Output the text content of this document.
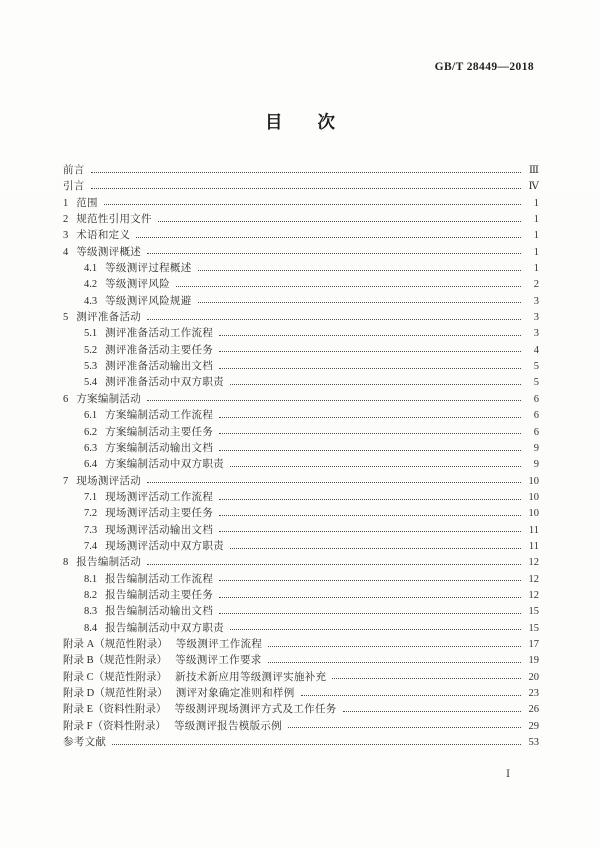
GB/T 28449—2018
目　　次
前言	Ⅲ
引言	Ⅳ
1 范围	1
2 规范性引用文件	1
3 术语和定义	1
4 等级测评概述	1
4.1 等级测评过程概述	1
4.2 等级测评风险	2
4.3 等级测评风险规避	3
5 测评准备活动	3
5.1 测评准备活动工作流程	3
5.2 测评准备活动主要任务	4
5.3 测评准备活动输出文档	5
5.4 测评准备活动中双方职责	5
6 方案编制活动	6
6.1 方案编制活动工作流程	6
6.2 方案编制活动主要任务	6
6.3 方案编制活动输出文档	9
6.4 方案编制活动中双方职责	9
7 现场测评活动	10
7.1 现场测评活动工作流程	10
7.2 现场测评活动主要任务	10
7.3 现场测评活动输出文档	11
7.4 现场测评活动中双方职责	11
8 报告编制活动	12
8.1 报告编制活动工作流程	12
8.2 报告编制活动主要任务	12
8.3 报告编制活动输出文档	15
8.4 报告编制活动中双方职责	15
附录 A（规范性附录） 等级测评工作流程	17
附录 B（规范性附录） 等级测评工作要求	19
附录 C（规范性附录） 新技术新应用等级测评实施补充	20
附录 D（规范性附录） 测评对象确定准则和样例	23
附录 E（资料性附录） 等级测评现场测评方式及工作任务	26
附录 F（资料性附录） 等级测评报告模版示例	29
参考文献	53
Ⅰ
